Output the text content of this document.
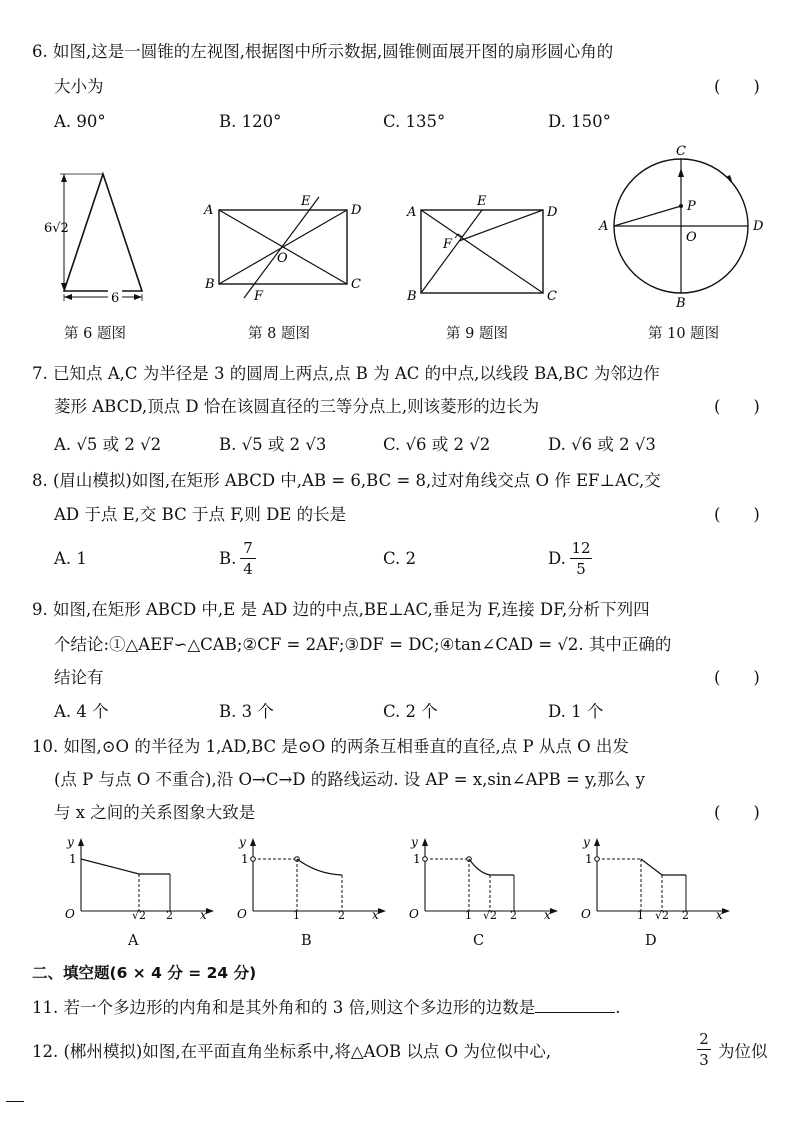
6. 如图,这是一圆锥的左视图,根据图中所示数据,圆锥侧面展开图的扇形圆心角的
大小为	(　　)
A. 90°	B. 120°	C. 135°	D. 150°
6√2
6
第 6 题图
A
E
D
O
B
F
C
第 8 题图
A
E
D
F
B	C
第 9 题图
C
P
A
O
D
B
第 10 题图
7. 已知点 A,C 为半径是 3 的圆周上两点,点 B 为 AC 的中点,以线段 BA,BC 为邻边作
菱形 ABCD,顶点 D 恰在该圆直径的三等分点上,则该菱形的边长为	(　　)
A. √5 或 2 √2	B. √5 或 2 √3	C. √6 或 2 √2	D. √6 或 2 √3
8. (眉山模拟)如图,在矩形 ABCD 中,AB = 6,BC = 8,过对角线交点 O 作 EF⊥AC,交
AD 于点 E,交 BC 于点 F,则 DE 的长是	(　　)
A. 1	B.
7
4
C. 2	D.
12
5
9. 如图,在矩形 ABCD 中,E 是 AD 边的中点,BE⊥AC,垂足为 F,连接 DF,分析下列四
个结论:①△AEF∽△CAB;②CF = 2AF;③DF = DC;④tan∠CAD = √2. 其中正确的
结论有	(　　)
A. 4 个	B. 3 个	C. 2 个	D. 1 个
10. 如图,⊙O 的半径为 1,AD,BC 是⊙O 的两条互相垂直的直径,点 P 从点 O 出发
(点 P 与点 O 不重合),沿 O→C→D 的路线运动. 设 AP = x,sin∠APB = y,那么 y
与 x 之间的关系图象大致是	(　　)
y
1
O	√2 2 x
A
y
1
O	1	2 x
B
y
1
O	1 √2 2 x
C
y
1
O	1 √2 2 x
D
二、填空题(6 × 4 分 = 24 分)
11. 若一个多边形的内角和是其外角和的 3 倍,则这个多边形的边数是	.
12. (郴州模拟)如图,在平面直角坐标系中,将△AOB 以点 O 为位似中心,
2
3 为位似
